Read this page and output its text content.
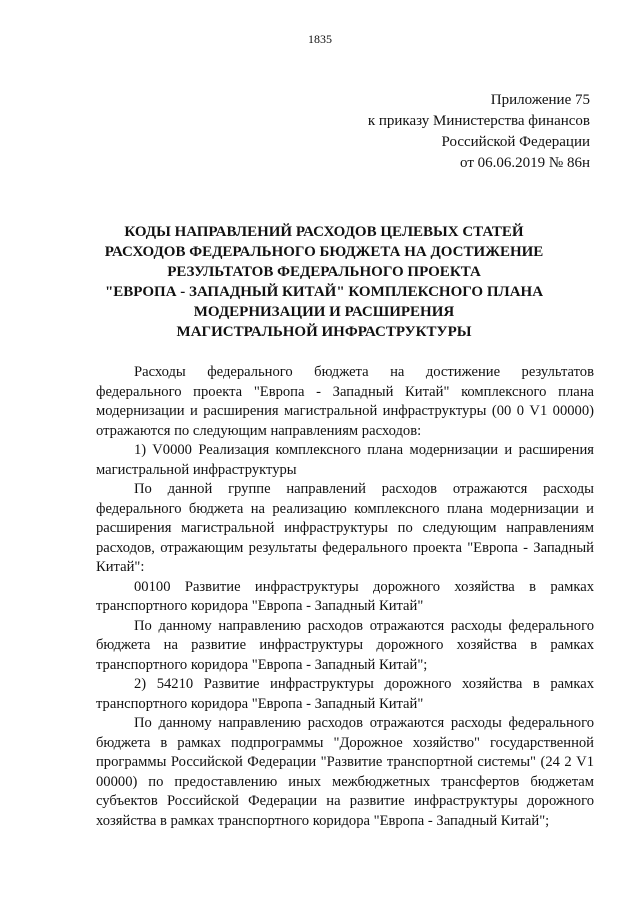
1835
Приложение 75
к приказу Министерства финансов
Российской Федерации
от 06.06.2019 № 86н
КОДЫ НАПРАВЛЕНИЙ РАСХОДОВ ЦЕЛЕВЫХ СТАТЕЙ
РАСХОДОВ ФЕДЕРАЛЬНОГО БЮДЖЕТА НА ДОСТИЖЕНИЕ
РЕЗУЛЬТАТОВ ФЕДЕРАЛЬНОГО ПРОЕКТА
"ЕВРОПА - ЗАПАДНЫЙ КИТАЙ" КОМПЛЕКСНОГО ПЛАНА
МОДЕРНИЗАЦИИ И РАСШИРЕНИЯ
МАГИСТРАЛЬНОЙ ИНФРАСТРУКТУРЫ

Расходы федерального бюджета на достижение результатов федерального проекта "Европа - Западный Китай" комплексного плана модернизации и расширения магистральной инфраструктуры (00 0 V1 00000) отражаются по следующим направлениям расходов:

1) V0000 Реализация комплексного плана модернизации и расширения магистральной инфраструктуры

По данной группе направлений расходов отражаются расходы федерального бюджета на реализацию комплексного плана модернизации и расширения магистральной инфраструктуры по следующим направлениям расходов, отражающим результаты федерального проекта "Европа - Западный Китай":

00100 Развитие инфраструктуры дорожного хозяйства в рамках транспортного коридора "Европа - Западный Китай"

По данному направлению расходов отражаются расходы федерального бюджета на развитие инфраструктуры дорожного хозяйства в рамках транспортного коридора "Европа - Западный Китай";

2) 54210 Развитие инфраструктуры дорожного хозяйства в рамках транспортного коридора "Европа - Западный Китай"

По данному направлению расходов отражаются расходы федерального бюджета в рамках подпрограммы "Дорожное хозяйство" государственной программы Российской Федерации "Развитие транспортной системы" (24 2 V1 00000) по предоставлению иных межбюджетных трансфертов бюджетам субъектов Российской Федерации на развитие инфраструктуры дорожного хозяйства в рамках транспортного коридора "Европа - Западный Китай";
